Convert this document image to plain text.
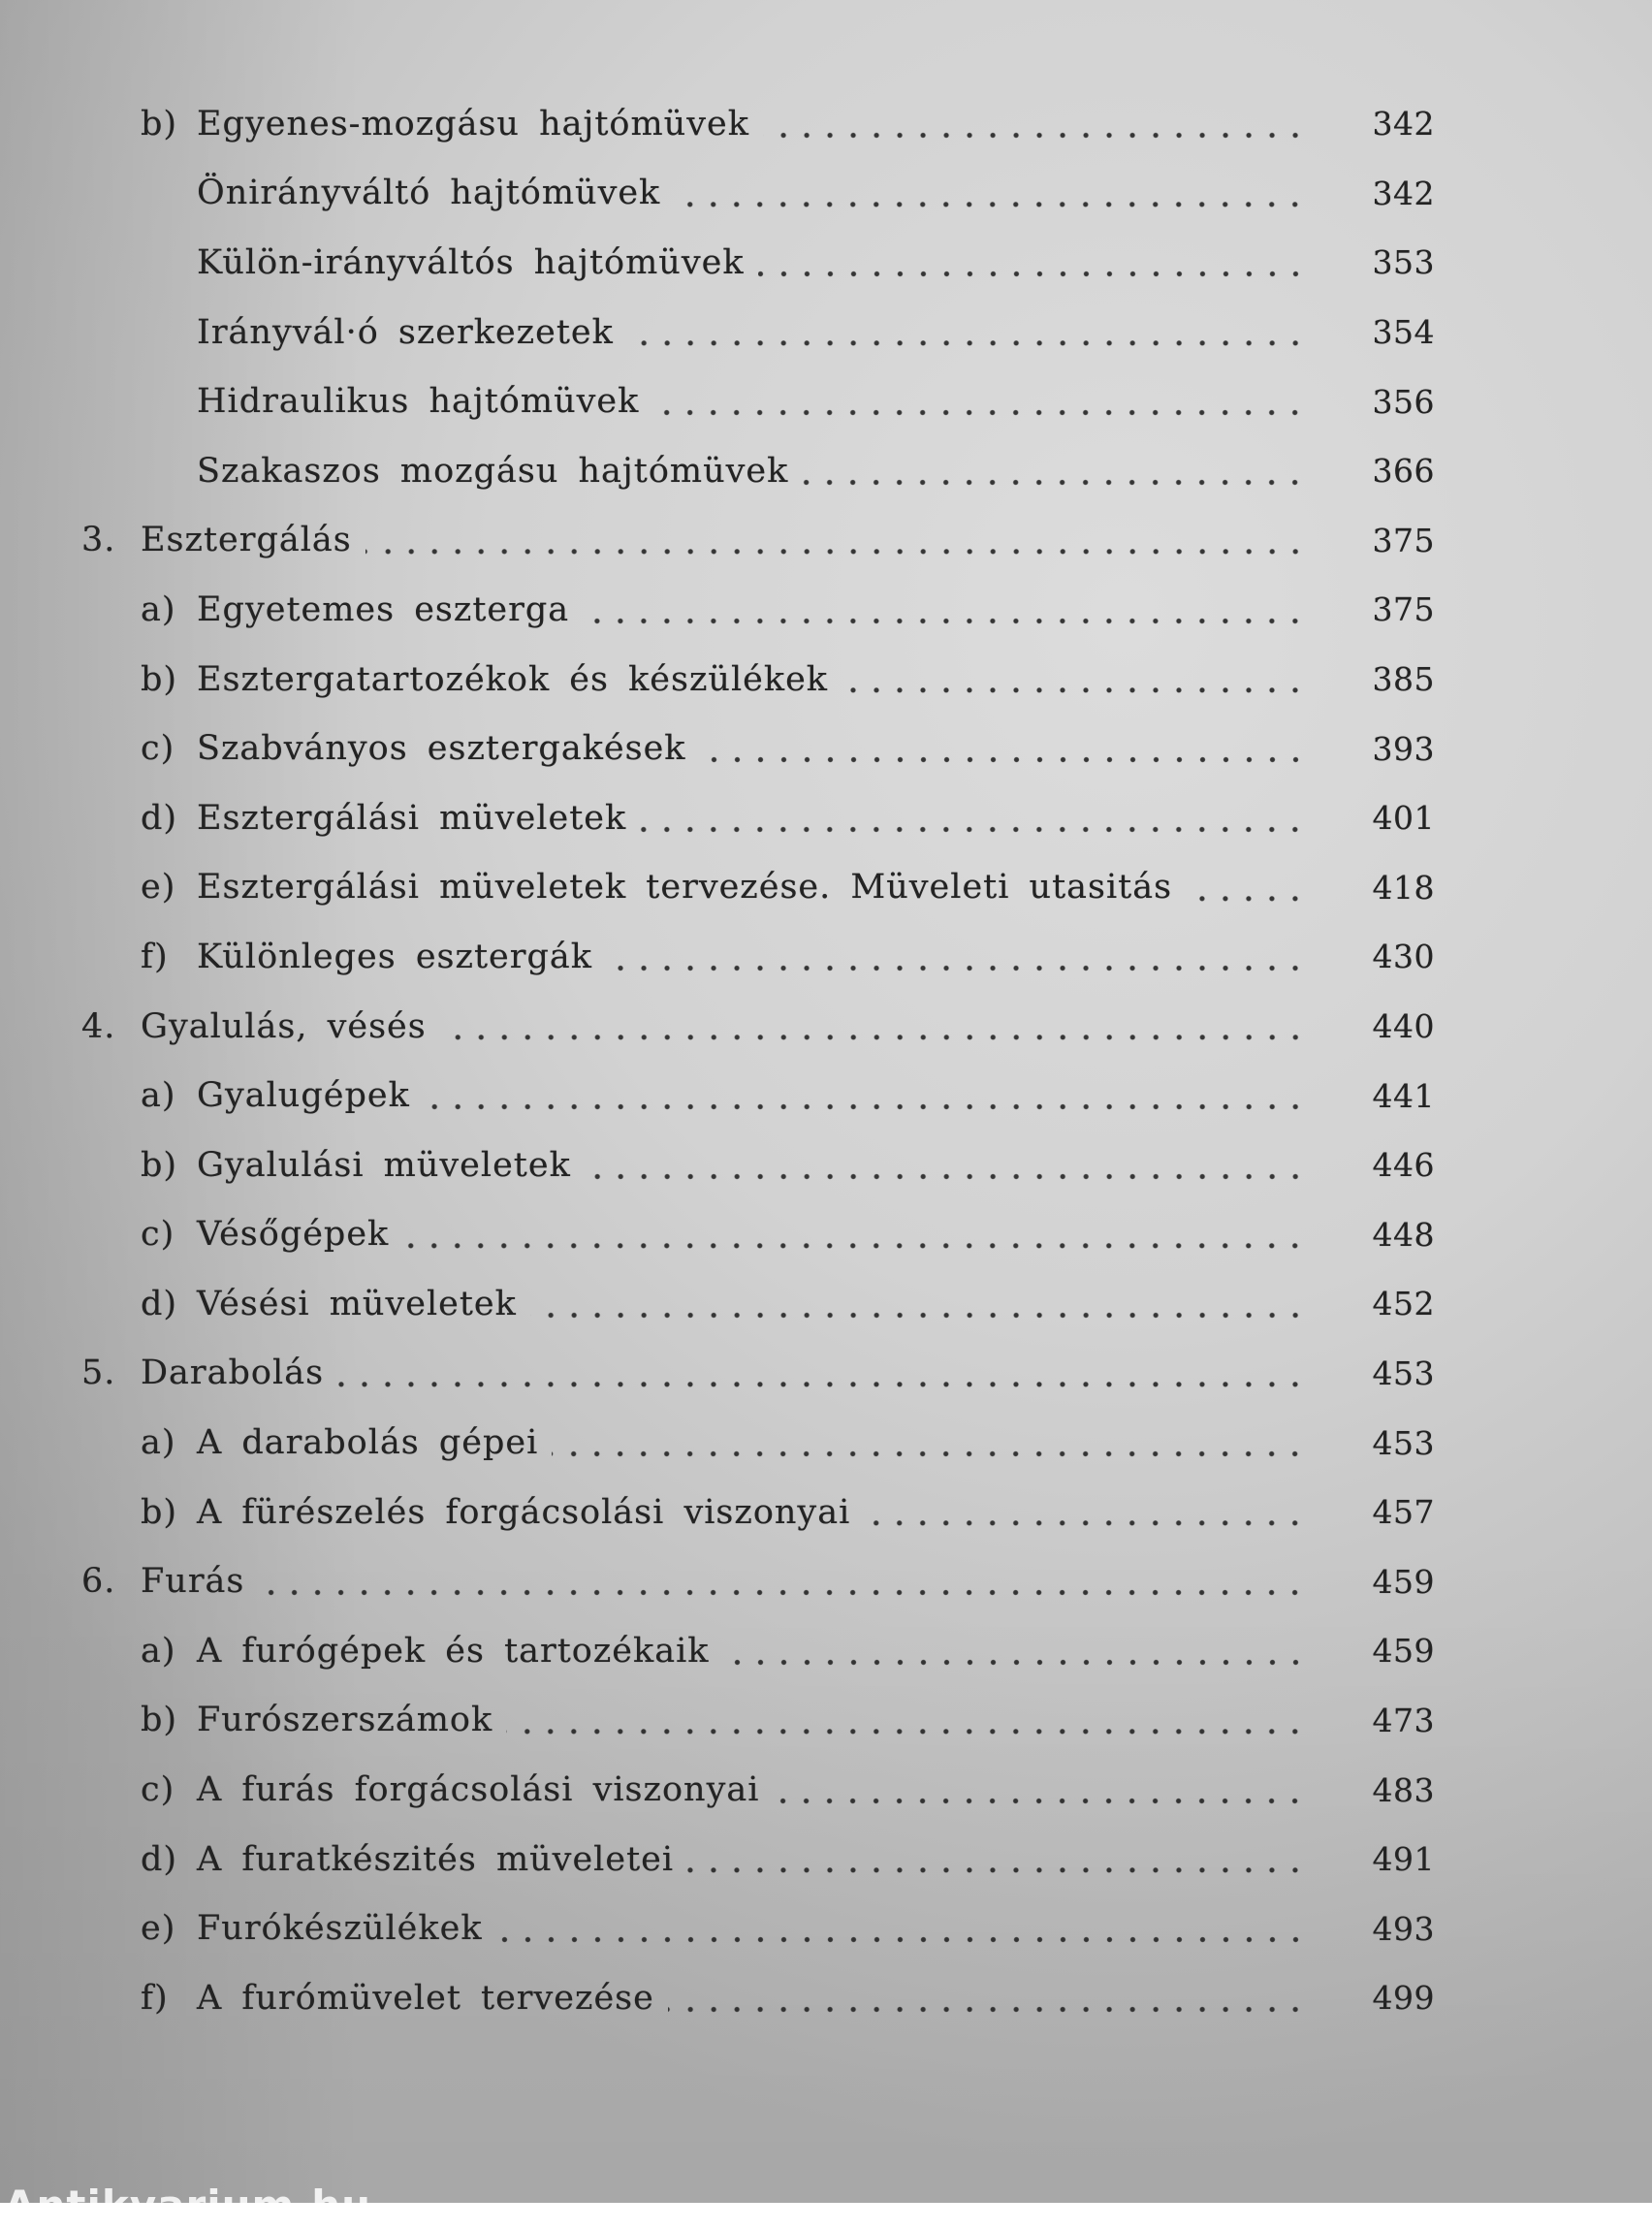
b) Egyenes-mozgásu hajtómüvek	342
Önirányváltó hajtómüvek	342
Külön-irányváltós hajtómüvek	353
Irányvál·ó szerkezetek	354
Hidraulikus hajtómüvek	356
Szakaszos mozgásu hajtómüvek	366
3. Esztergálás	375
a) Egyetemes eszterga	375
b) Esztergatartozékok és készülékek	385
c) Szabványos esztergakések	393
d) Esztergálási müveletek	401
e) Esztergálási müveletek tervezése. Müveleti utasitás	418
f) Különleges esztergák	430
4. Gyalulás, vésés	440
a) Gyalugépek	441
b) Gyalulási müveletek	446
c) Vésőgépek	448
d) Vésési müveletek	452
5. Darabolás	453
a) A darabolás gépei	453
b) A fürészelés forgácsolási viszonyai	457
6. Furás	459
a) A furógépek és tartozékaik	459
b) Furószerszámok	473
c) A furás forgácsolási viszonyai	483
d) A furatkészités müveletei	491
e) Furókészülékek	493
f) A furómüvelet tervezése	499
Antikvarium.hu
